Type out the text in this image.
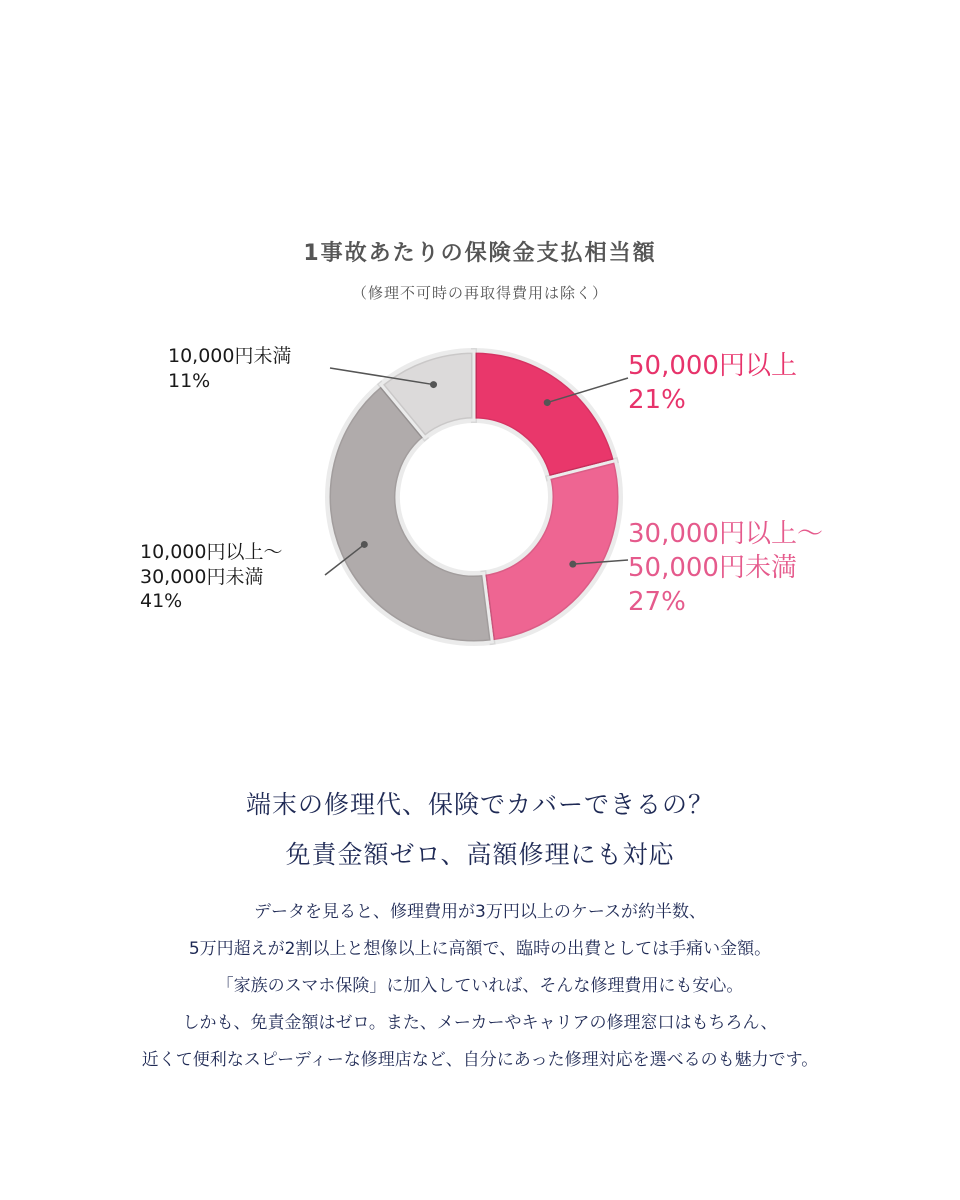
1事故あたりの保険金支払相当額
（修理不可時の再取得費用は除く）
50,000円以上
21%
30,000円以上～
50,000円未満
27%
10,000円以上～
30,000円未満
41%
10,000円未満
11%
端末の修理代、保険でカバーできるの？
免責金額ゼロ、高額修理にも対応
データを見ると、修理費用が3万円以上のケースが約半数、
5万円超えが2割以上と想像以上に高額で、臨時の出費としては手痛い金額。
「家族のスマホ保険」に加入していれば、そんな修理費用にも安心。
しかも、免責金額はゼロ。また、メーカーやキャリアの修理窓口はもちろん、
近くて便利なスピーディーな修理店など、自分にあった修理対応を選べるのも魅力です。
